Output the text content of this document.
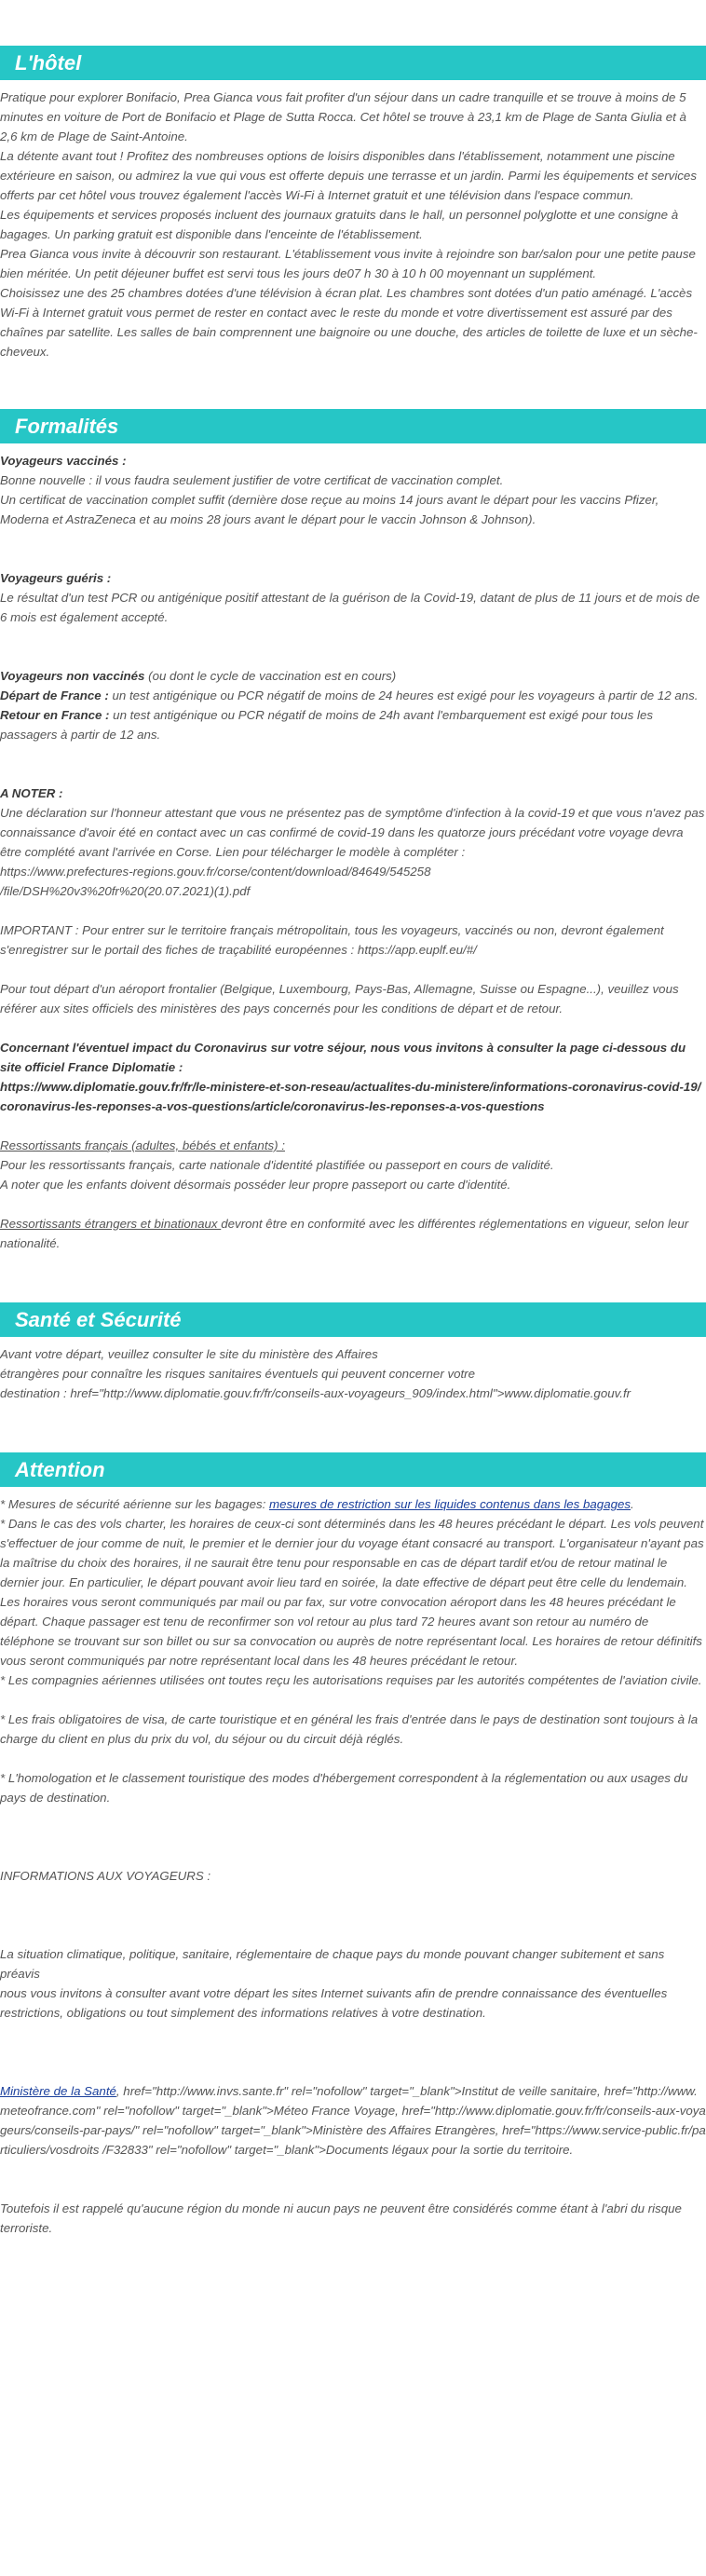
L'hôtel

Pratique pour explorer Bonifacio, Prea Gianca vous fait profiter d'un séjour dans un cadre tranquille et se trouve à moins de 5 minutes en voiture de Port de Bonifacio et Plage de Sutta Rocca. Cet hôtel se trouve à 23,1 km de Plage de Santa Giulia et à 2,6 km de Plage de Saint-Antoine.

La détente avant tout ! Profitez des nombreuses options de loisirs disponibles dans l'établissement, notamment une piscine extérieure en saison, ou admirez la vue qui vous est offerte depuis une terrasse et un jardin. Parmi les équipements et services offerts par cet hôtel vous trouvez également l'accès Wi-Fi à Internet gratuit et une télévision dans l'espace commun.

Les équipements et services proposés incluent des journaux gratuits dans le hall, un personnel polyglotte et une consigne à bagages. Un parking gratuit est disponible dans l'enceinte de l'établissement.

Prea Gianca vous invite à découvrir son restaurant. L'établissement vous invite à rejoindre son bar/salon pour une petite pause bien méritée. Un petit déjeuner buffet est servi tous les jours de07 h 30 à 10 h 00 moyennant un supplément.

Choisissez une des 25 chambres dotées d'une télévision à écran plat. Les chambres sont dotées d'un patio aménagé. L'accès Wi-Fi à Internet gratuit vous permet de rester en contact avec le reste du monde et votre divertissement est assuré par des chaînes par satellite. Les salles de bain comprennent une baignoire ou une douche, des articles de toilette de luxe et un sèche-cheveux.

Formalités

Voyageurs vaccinés :

Bonne nouvelle : il vous faudra seulement justifier de votre certificat de vaccination complet.

Un certificat de vaccination complet suffit (dernière dose reçue au moins 14 jours avant le départ pour les vaccins Pfizer, Moderna et AstraZeneca et au moins 28 jours avant le départ pour le vaccin Johnson & Johnson).

Voyageurs guéris :

Le résultat d'un test PCR ou antigénique positif attestant de la guérison de la Covid-19, datant de plus de 11 jours et de mois de 6 mois est également accepté.

Voyageurs non vaccinés (ou dont le cycle de vaccination est en cours)

Départ de France : un test antigénique ou PCR négatif de moins de 24 heures est exigé pour les voyageurs à partir de 12 ans.

Retour en France : un test antigénique ou PCR négatif de moins de 24h avant l'embarquement est exigé pour tous les passagers à partir de 12 ans.

A NOTER :

Une déclaration sur l'honneur attestant que vous ne présentez pas de symptôme d'infection à la covid-19 et que vous n'avez pas connaissance d'avoir été en contact avec un cas confirmé de covid-19 dans les quatorze jours précédant votre voyage devra être complété avant l'arrivée en Corse. Lien pour télécharger le modèle à compléter :

https://www.prefectures-regions.gouv.fr/corse/content/download/84649/545258

/file/DSH%20v3%20fr%20(20.07.2021)(1).pdf

IMPORTANT : Pour entrer sur le territoire français métropolitain, tous les voyageurs, vaccinés ou non, devront également s'enregistrer sur le portail des fiches de traçabilité européennes : https://app.euplf.eu/#/

Pour tout départ d'un aéroport frontalier (Belgique, Luxembourg, Pays-Bas, Allemagne, Suisse ou Espagne...), veuillez vous référer aux sites officiels des ministères des pays concernés pour les conditions de départ et de retour.

Concernant l'éventuel impact du Coronavirus sur votre séjour, nous vous invitons à consulter la page ci-dessous du site officiel France Diplomatie :

https://www.diplomatie.gouv.fr/fr/le-ministere-et-son-reseau/actualites-du-ministere/informations-coronavirus-covid-19/coronavirus-les-reponses-a-vos-questions/article/coronavirus-les-reponses-a-vos-questions

Ressortissants français (adultes, bébés et enfants) :

Pour les ressortissants français, carte nationale d'identité plastifiée ou passeport en cours de validité.

A noter que les enfants doivent désormais posséder leur propre passeport ou carte d'identité.

Ressortissants étrangers et binationaux devront être en conformité avec les différentes réglementations en vigueur, selon leur nationalité.

Santé et Sécurité

Avant votre départ, veuillez consulter le site du ministère des Affaires

étrangères pour connaître les risques sanitaires éventuels qui peuvent concerner votre

destination : href="http://www.diplomatie.gouv.fr/fr/conseils-aux-voyageurs_909/index.html">www.diplomatie.gouv.fr

Attention

* Mesures de sécurité aérienne sur les bagages: mesures de restriction sur les liquides contenus dans les bagages.

* Dans le cas des vols charter, les horaires de ceux-ci sont déterminés dans les 48 heures précédant le départ. Les vols peuvent s'effectuer de jour comme de nuit, le premier et le dernier jour du voyage étant consacré au transport. L'organisateur n'ayant pas la maîtrise du choix des horaires, il ne saurait être tenu pour responsable en cas de départ tardif et/ou de retour matinal le dernier jour. En particulier, le départ pouvant avoir lieu tard en soirée, la date effective de départ peut être celle du lendemain. Les horaires vous seront communiqués par mail ou par fax, sur votre convocation aéroport dans les 48 heures précédant le départ. Chaque passager est tenu de reconfirmer son vol retour au plus tard 72 heures avant son retour au numéro de téléphone se trouvant sur son billet ou sur sa convocation ou auprès de notre représentant local. Les horaires de retour définitifs vous seront communiqués par notre représentant local dans les 48 heures précédant le retour.

* Les compagnies aériennes utilisées ont toutes reçu les autorisations requises par les autorités compétentes de l'aviation civile.

* Les frais obligatoires de visa, de carte touristique et en général les frais d'entrée dans le pays de destination sont toujours à la charge du client en plus du prix du vol, du séjour ou du circuit déjà réglés.

* L'homologation et le classement touristique des modes d'hébergement correspondent à la réglementation ou aux usages du pays de destination.

INFORMATIONS AUX VOYAGEURS :

La situation climatique, politique, sanitaire, réglementaire de chaque pays du monde pouvant changer subitement et sans préavis

nous vous invitons à consulter avant votre départ les sites Internet suivants afin de prendre connaissance des éventuelles restrictions, obligations ou tout simplement des informations relatives à votre destination.

Ministère de la Santé, href="http://www.invs.sante.fr" rel="nofollow" target="_blank">Institut de veille sanitaire, href="http://www.meteofrance.com" rel="nofollow" target="_blank">Méteo France Voyage, href="http://www.diplomatie.gouv.fr/fr/conseils-aux-voyageurs/conseils-par-pays/" rel="nofollow" target="_blank">Ministère des Affaires Etrangères, href="https://www.service-public.fr/particuliers/vosdroits /F32833" rel="nofollow" target="_blank">Documents légaux pour la sortie du territoire.

Toutefois il est rappelé qu'aucune région du monde ni aucun pays ne peuvent être considérés comme étant à l'abri du risque terroriste.
